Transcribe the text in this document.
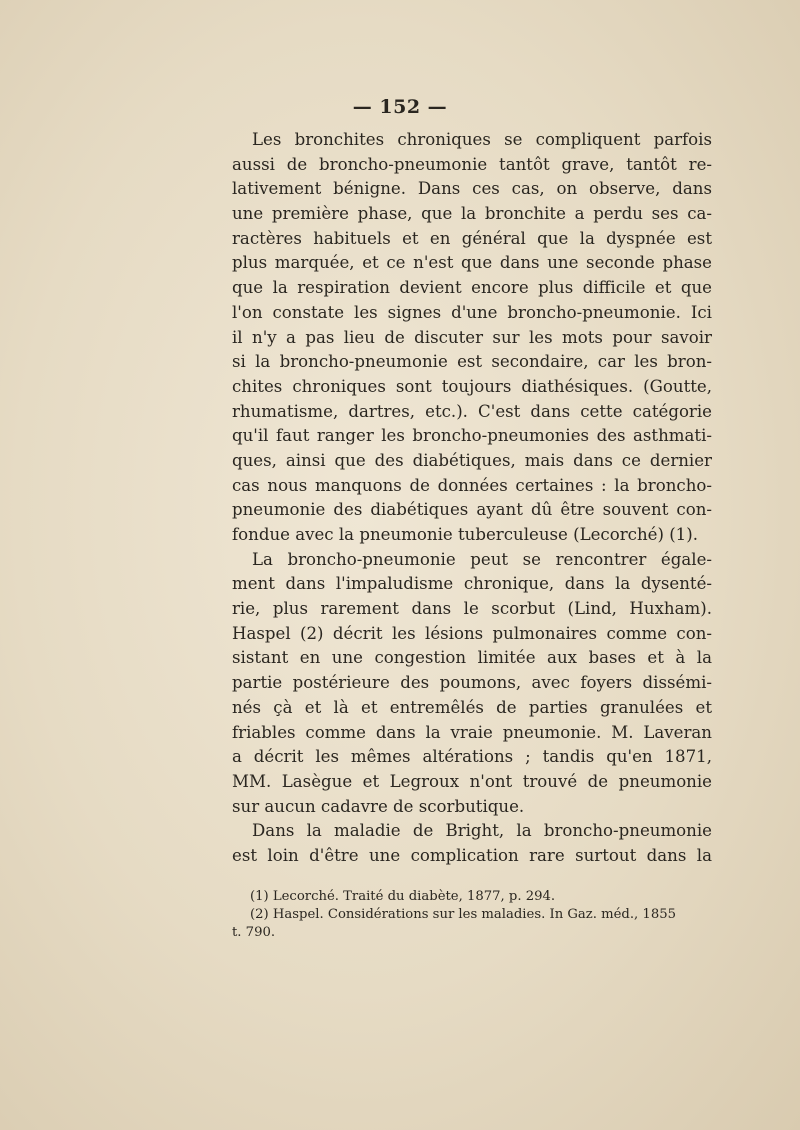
— 152 —
Les bronchites chroniques se compliquent parfois
aussi de broncho-pneumonie tantôt grave, tantôt re-
lativement bénigne. Dans ces cas, on observe, dans
une première phase, que la bronchite a perdu ses ca-
ractères habituels et en général que la dyspnée est
plus marquée, et ce n'est que dans une seconde phase
que la respiration devient encore plus difficile et que
l'on constate les signes d'une broncho-pneumonie. Ici
il n'y a pas lieu de discuter sur les mots pour savoir
si la broncho-pneumonie est secondaire, car les bron-
chites chroniques sont toujours diathésiques. (Goutte,
rhumatisme, dartres, etc.). C'est dans cette catégorie
qu'il faut ranger les broncho-pneumonies des asthmati-
ques, ainsi que des diabétiques, mais dans ce dernier
cas nous manquons de données certaines : la broncho-
pneumonie des diabétiques ayant dû être souvent con-
fondue avec la pneumonie tuberculeuse (Lecorché) (1).
La broncho-pneumonie peut se rencontrer égale-
ment dans l'impaludisme chronique, dans la dysenté-
rie, plus rarement dans le scorbut (Lind, Huxham).
Haspel (2) décrit les lésions pulmonaires comme con-
sistant en une congestion limitée aux bases et à la
partie postérieure des poumons, avec foyers dissémi-
nés çà et là et entremêlés de parties granulées et
friables comme dans la vraie pneumonie. M. Laveran
a décrit les mêmes altérations ; tandis qu'en 1871,
MM. Lasègue et Legroux n'ont trouvé de pneumonie
sur aucun cadavre de scorbutique.
Dans la maladie de Bright, la broncho-pneumonie
est loin d'être une complication rare surtout dans la
(1) Lecorché. Traité du diabète, 1877, p. 294.
(2) Haspel. Considérations sur les maladies. In Gaz. méd., 1855
t. 790.
